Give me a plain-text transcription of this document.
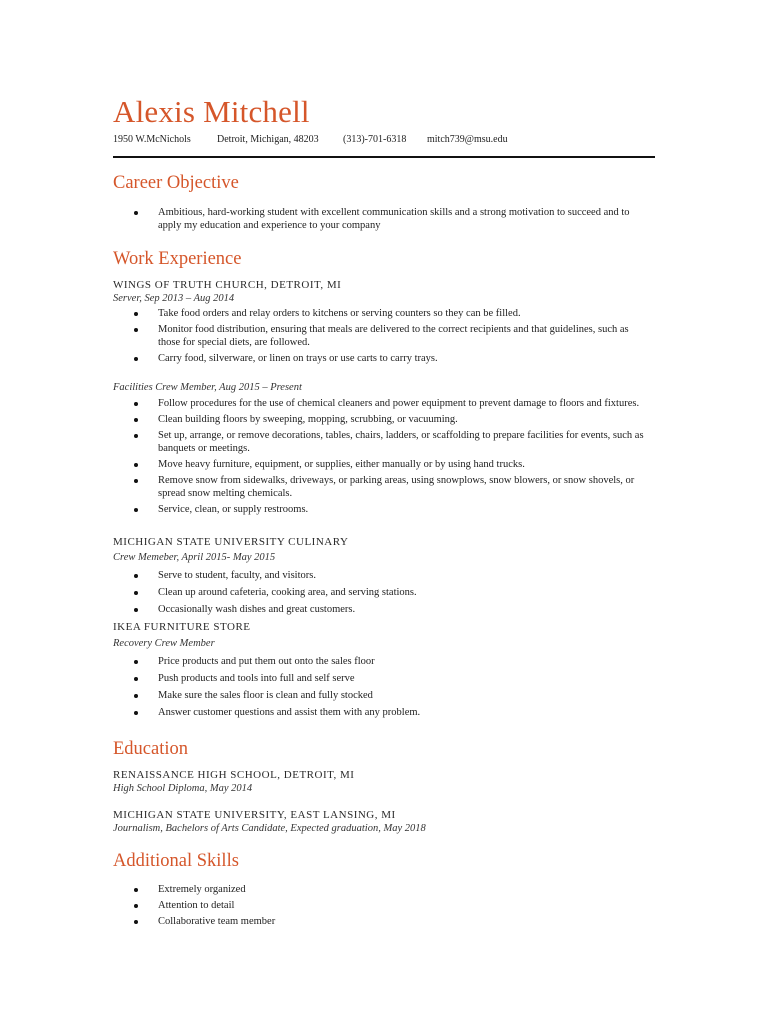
Alexis Mitchell
1950 W.McNichols	Detroit, Michigan, 48203 (313)-701-6318 mitch739@msu.edu
Career Objective
Ambitious, hard-working student with excellent communication skills and a strong motivation to succeed and to apply my education and experience to your company
Work Experience
WINGS OF TRUTH CHURCH, DETROIT, MI
Server, Sep 2013 – Aug 2014
Take food orders and relay orders to kitchens or serving counters so they can be filled.
Monitor food distribution, ensuring that meals are delivered to the correct recipients and that guidelines, such as those for special diets, are followed.
Carry food, silverware, or linen on trays or use carts to carry trays.
Facilities Crew Member, Aug 2015 – Present
Follow procedures for the use of chemical cleaners and power equipment to prevent damage to floors and fixtures.
Clean building floors by sweeping, mopping, scrubbing, or vacuuming.
Set up, arrange, or remove decorations, tables, chairs, ladders, or scaffolding to prepare facilities for events, such as banquets or meetings.
Move heavy furniture, equipment, or supplies, either manually or by using hand trucks.
Remove snow from sidewalks, driveways, or parking areas, using snowplows, snow blowers, or snow shovels, or spread snow melting chemicals.
Service, clean, or supply restrooms.
MICHIGAN STATE UNIVERSITY CULINARY
Crew Memeber, April 2015- May 2015
Serve to student, faculty, and visitors.
Clean up around cafeteria, cooking area, and serving stations.
Occasionally wash dishes and great customers.
IKEA FURNITURE STORE
Recovery Crew Member
Price products and put them out onto the sales floor
Push products and tools into full and self serve
Make sure the sales floor is clean and fully stocked
Answer customer questions and assist them with any problem.
Education
RENAISSANCE HIGH SCHOOL, DETROIT, MI
High School Diploma, May 2014
MICHIGAN STATE UNIVERSITY, EAST LANSING, MI
Journalism, Bachelors of Arts Candidate, Expected graduation, May 2018
Additional Skills
Extremely organized
Attention to detail
Collaborative team member
